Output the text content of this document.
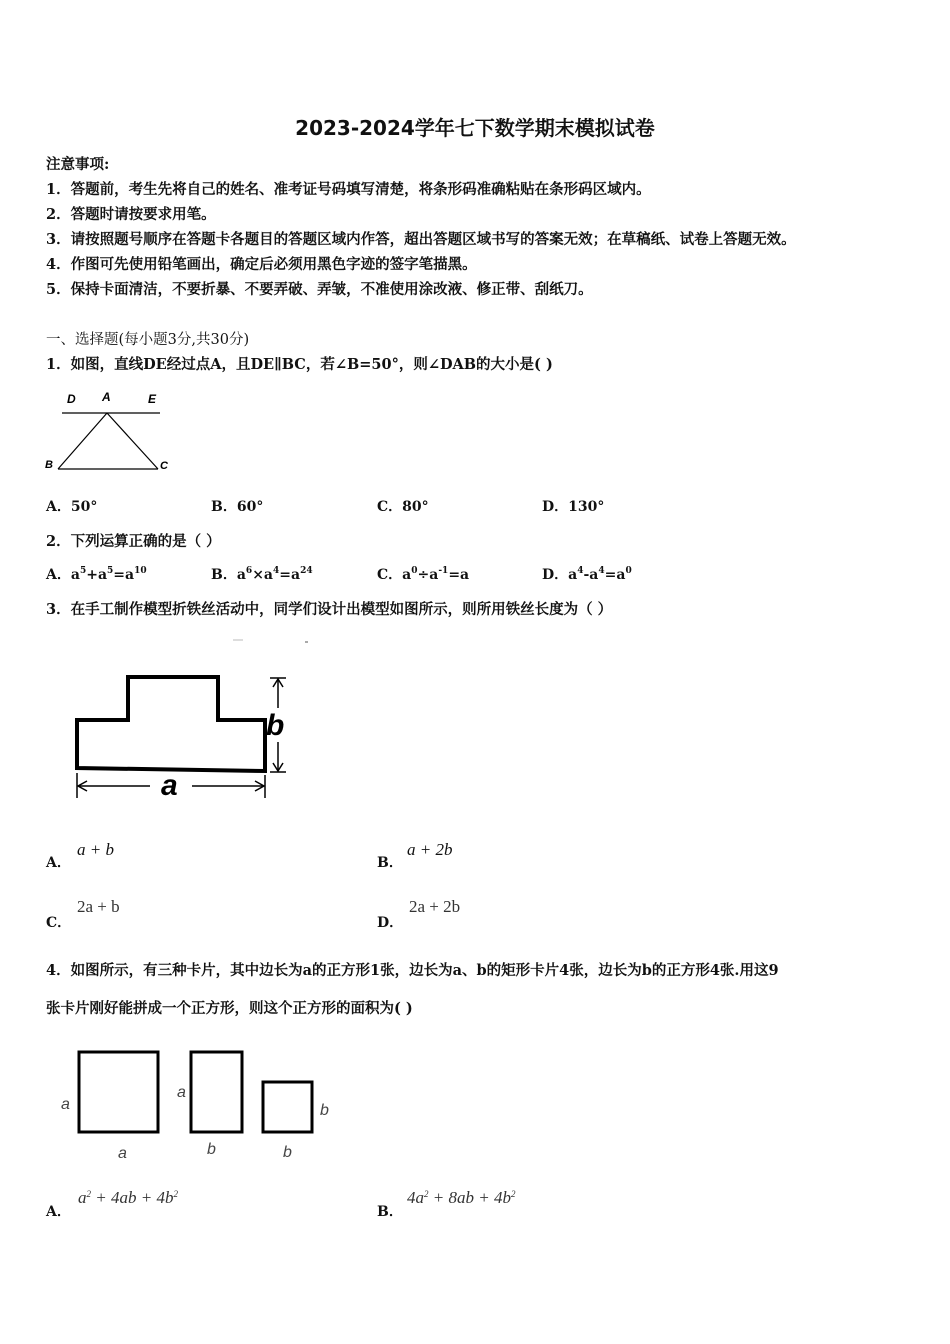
2023-2024学年七下数学期末模拟试卷
注意事项:
1．答题前，考生先将自己的姓名、准考证号码填写清楚，将条形码准确粘贴在条形码区域内。
2．答题时请按要求用笔。
3．请按照题号顺序在答题卡各题目的答题区域内作答，超出答题区域书写的答案无效；在草稿纸、试卷上答题无效。
4．作图可先使用铅笔画出，确定后必须用黑色字迹的签字笔描黑。
5．保持卡面清洁，不要折暴、不要弄破、弄皱，不准使用涂改液、修正带、刮纸刀。
一、选择题(每小题3分,共30分)
1．如图，直线DE经过点A，且DE∥BC，若∠B=50°，则∠DAB的大小是( )
D A	E
B	C
A．50°	B．60°	C．80°	D．130°
2．下列运算正确的是（ ）
A．$a^5+a^5=a^{10}$	B．$a^6\times a^4=a^{24}$	C．$a^0\div a^{-1}=a$	D．$a^4-a^4=a^0$
3．在手工制作模型折铁丝活动中，同学们设计出模型如图所示，则所用铁丝长度为（ ）
b
a
A．
a + b
B．
a + 2b
C．
2a + b
D．
2a + 2b
4．如图所示，有三种卡片，其中边长为a的正方形1张，边长为a、b的矩形卡片4张，边长为b的正方形4张.用这9
张卡片刚好能拼成一个正方形，则这个正方形的面积为( )
a
a
a
b
b
b
A．
$a^2 + 4ab + 4b^2$
B．
$4a^2 + 8ab + 4b^2$
